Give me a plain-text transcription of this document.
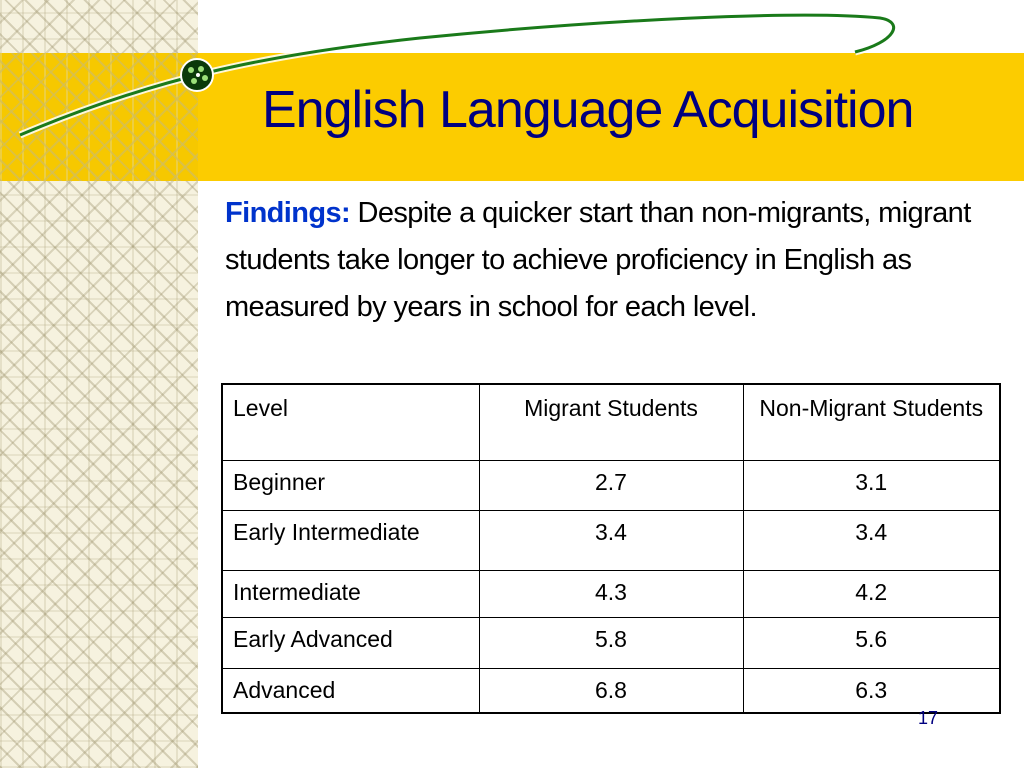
English Language Acquisition
Findings: Despite a quicker start than non-migrants, migrant students take longer to achieve proficiency in English as measured by years in school for each level.
Level	Migrant Students	Non-Migrant Students
Beginner	2.7	3.1
Early Intermediate	3.4	3.4
Intermediate	4.3	4.2
Early Advanced	5.8	5.6
Advanced	6.8	6.3
17
